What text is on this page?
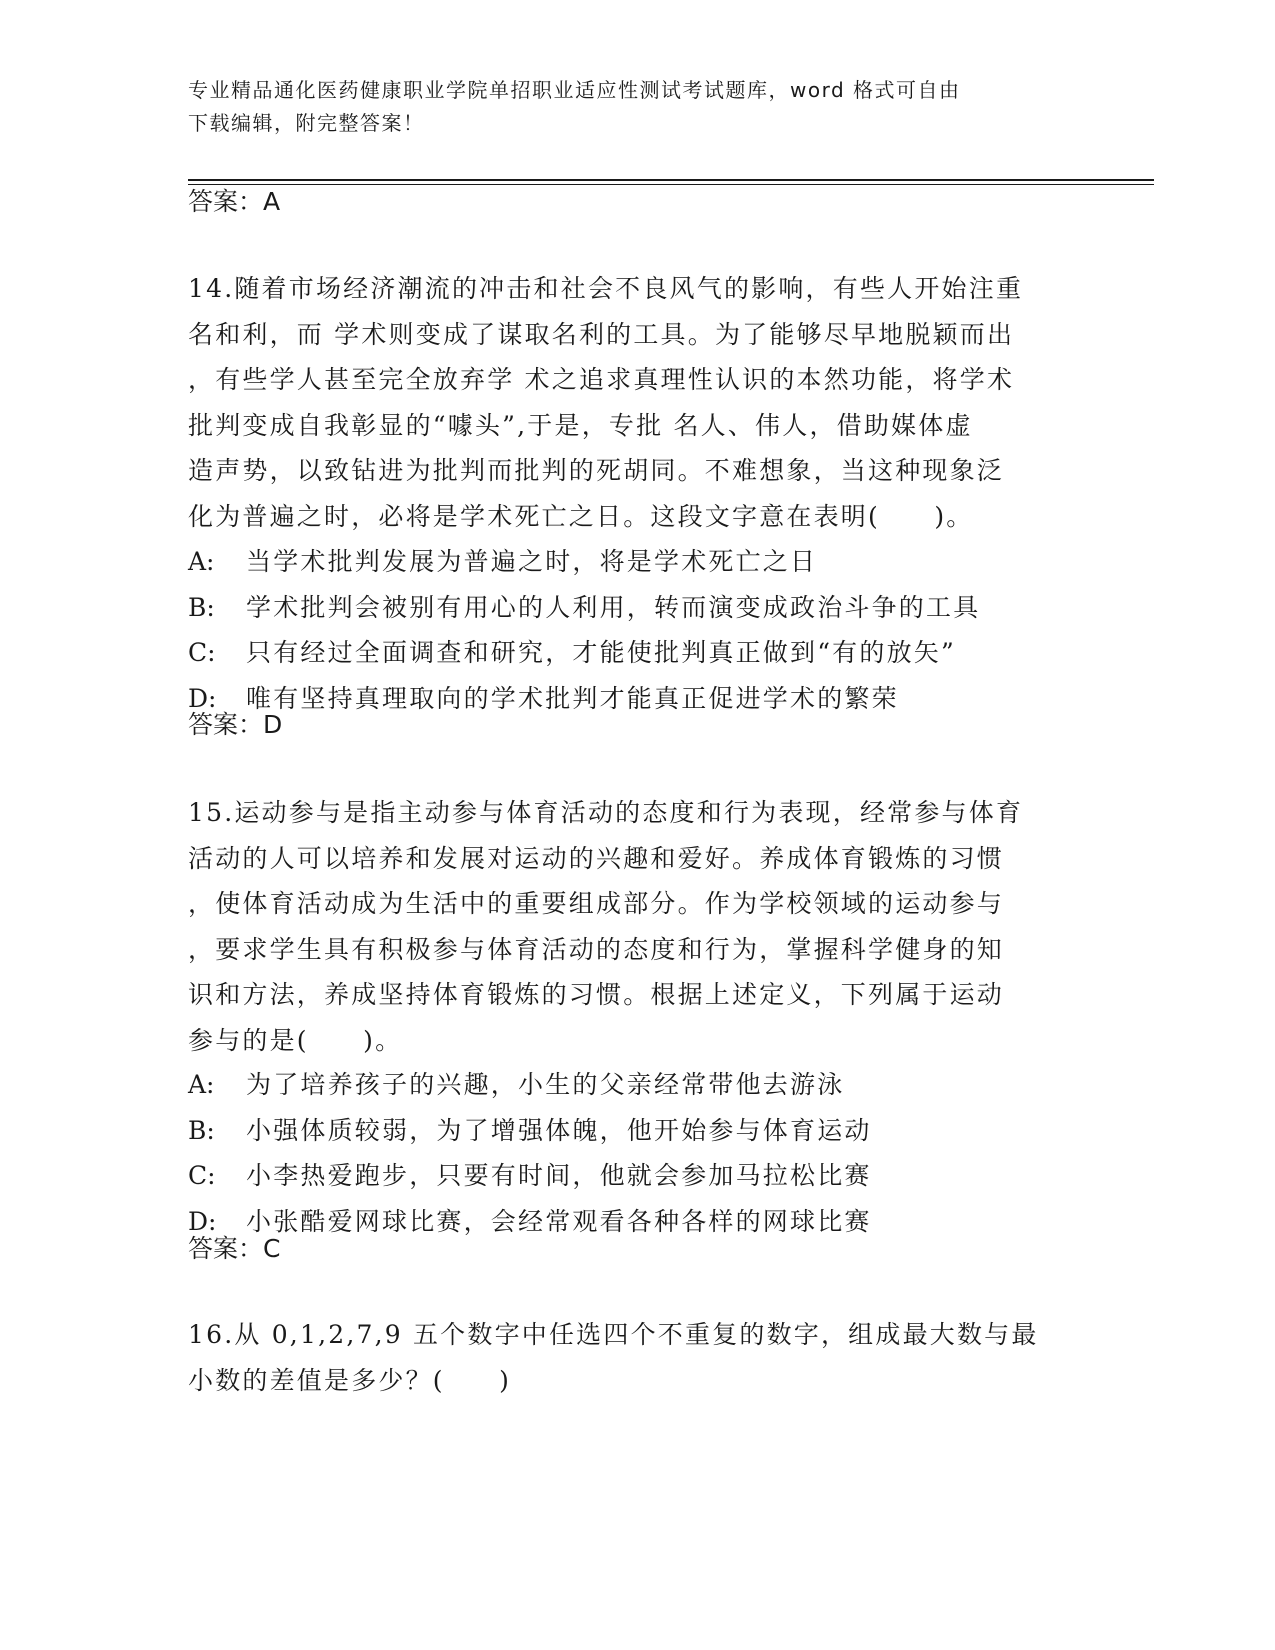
专业精品通化医药健康职业学院单招职业适应性测试考试题库，word 格式可自由
下载编辑，附完整答案！
答案：A
14.随着市场经济潮流的冲击和社会不良风气的影响，有些人开始注重
名和利，而 学术则变成了谋取名利的工具。为了能够尽早地脱颖而出
，有些学人甚至完全放弃学 术之追求真理性认识的本然功能，将学术
批判变成自我彰显的“噱头”,于是，专批 名人、伟人，借助媒体虚
造声势，以致钻进为批判而批判的死胡同。不难想象，当这种现象泛
化为普遍之时，必将是学术死亡之日。这段文字意在表明(　　)。
A: 当学术批判发展为普遍之时，将是学术死亡之日
B: 学术批判会被别有用心的人利用，转而演变成政治斗争的工具
C: 只有经过全面调查和研究，才能使批判真正做到“有的放矢”
D: 唯有坚持真理取向的学术批判才能真正促进学术的繁荣
答案：D
15.运动参与是指主动参与体育活动的态度和行为表现，经常参与体育
活动的人可以培养和发展对运动的兴趣和爱好。养成体育锻炼的习惯
，使体育活动成为生活中的重要组成部分。作为学校领域的运动参与
，要求学生具有积极参与体育活动的态度和行为，掌握科学健身的知
识和方法，养成坚持体育锻炼的习惯。根据上述定义，下列属于运动
参与的是(　　)。
A: 为了培养孩子的兴趣，小生的父亲经常带他去游泳
B: 小强体质较弱，为了增强体魄，他开始参与体育运动
C: 小李热爱跑步，只要有时间，他就会参加马拉松比赛
D: 小张酷爱网球比赛，会经常观看各种各样的网球比赛
答案：C
16.从 0,1,2,7,9 五个数字中任选四个不重复的数字，组成最大数与最
小数的差值是多少？(　　)
